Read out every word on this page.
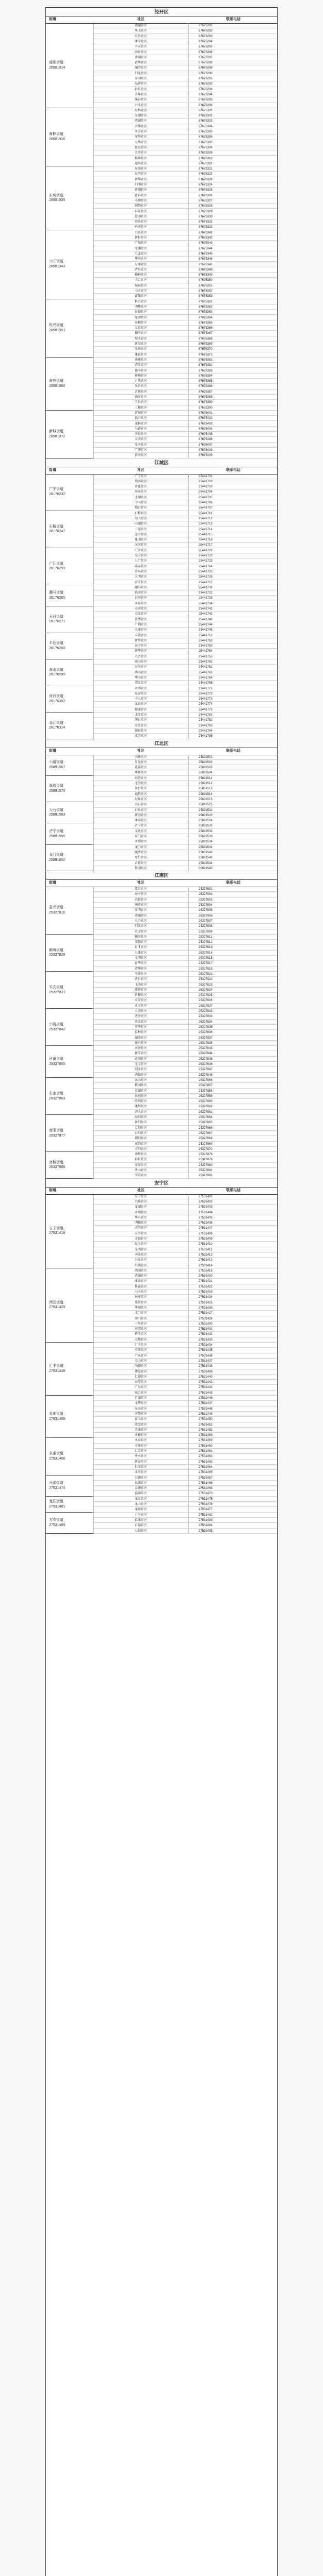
经开区
街道	社区	联系电话
迪湖街道
28501914
迪湖社区	87675281
凤飞社区	87675282
红岭社区	87675283
康安社区	87675284
平安社区	87675285
潜岳社区	87675286
南湖社区	87675287
黄华社区	87675288
湖滨社区	87675289
阳光社区	87675290
家园社区	87675291
晶菁社区	87675292
彩虹社区	87675293
青年社区	87675294
溪谷社区	87675295
兴业社区	87675296
海林街道
28501926
海林社区	87675301
东湖社区	87675302
西湖社区	87675303
大华社区	87675304
永安社区	87675305
安居社区	87675306
天华社区	87675307
富民社区	87675308
金沙社区	87675309
松峰社区	87675310
迎宾社区	87675311
东苑街道
28501935
东苑社区	87675321
海滨社区	87675322
景华社区	87675323
阳明社区	87675324
新湖社区	87675325
富春社区	87675326
丰源社区	87675327
锦绣社区	87675328
春江社区	87675329
慧园社区	87675330
宏达社区	87675331
岭南社区	87675332
兴旺街道
28501943
兴旺社区	87675341
新村社区	87675342
广福社区	87675343
文渊社区	87675344
九龙社区	87675345
华庭社区	87675346
安康社区	87675347
清泉社区	87675348
榆林社区	87675349
三合社区	87675350
城东社区	87675351
山水社区	87675352
富强社区	87675353
科兴街道
28501951
科兴社区	87675361
明珠社区	87675362
景德社区	87675363
绿洲社区	87675364
泰和社区	87675365
友谊社区	87675366
和平社区	87675367
璧水社区	87675368
新渠社区	87675369
东峰社区	87675370
建设社区	87675371
南苑街道
28501960
南苑社区	87675381
清江社区	87675382
德丰社区	87675383
祥和社区	87675384
万达社区	87675385
东升社区	87675386
古镇社区	87675387
锦江社区	87675388
玉泉社区	87675389
三和社区	87675390
新城街道
28501972
新城社区	87675401
福兴社区	87675402
茂林社区	87675403
马路社区	87675404
圣泉社区	87675405
大湾社区	87675406
安平社区	87675407
广源社区	87675408
长寿社区	87675409
江城区
街道	社区	联系电话
广宁街道
26176232
广宁社区	25441701
领南社区	25441702
荷花社区	25441703
河东社区	25441704
北湖社区	25441705
中山社区	25441706
炮台社区	25441707
石桥街道
26176247
石桥社区	25441711
韶关社区	25441712
山湖社区	25441713
三道社区	25441714
宝安社区	25441715
花园社区	25441716
汉河社区	25441717
广江街道
26176259
广江社区	25441721
安宁社区	25441722
五广社区	25441723
陆家社区	25441724
沙岛社区	25441725
大明社区	25441726
豪江社区	25441727
潮马街道
26176265
潮马社区	25441731
临湾社区	25441732
春海社区	25441733
永祥社区	25441734
天河街道
26176271
天河社区	25441741
天江社区	25441742
岳秀社区	25441743
广利社区	25441744
关康社区	25441745
丰达街道
26176288
丰达社区	25441751
新居社区	25441752
泰宁社区	25441753
新华社区	25441754
大古社区	25441755
南山街道
26176290
南山社区	25441761
奈河社区	25441762
西山社区	25441763
华山社区	25441764
望江社区	25441765
河西街道
26176302
河西社区	25441771
东安社区	25441772
中立社区	25441773
江春社区	25441774
健康社区	25441775
北江街道
26176314
北江社区	25441781
旭日社区	25441782
安江社区	25441783
源泉社区	25441784
江滨社区	25441785
江北区
街道	社区	联系电话
小路街道
25891567
小路社区	25891501
星光社区	25891502
礼嘉社区	25891503
华新社区	25891504
海边街道
25891570
海边社区	25891511
北滨社区	25891512
景台社区	25891513
诚信社区	25891514
海角社区	25891515
大石街道
25891583
大石社区	25891521
石岳社区	25891522
新港社区	25891523
康泰社区	25891524
济宁街道
25891596
济宁社区	25891531
文化社区	25891532
东门社区	25891533
永利社区	25891534
龙门街道
25891602
龙门社区	25891541
毓秀社区	25891542
宽仁社区	25891543
吉祥社区	25891544
梦园社区	25891545
江南区
街道	社区	联系电话
嘉兴街道
25327816
嘉兴社区	25327801
海宁社区	25327802
荔枝社区	25327803
南开社区	25327804
东明社区	25327805
南湖社区	25327806
大兴社区	25327807
阳光社区	25327808
贵安社区	25327809
颖川街道
25327829
颖川社区	25327811
安德社区	25327812
育才社区	25327813
五缘社区	25327814
文明社区	25327815
富华社区	25327817
清华社区	25327818
平安街道
25327831
平安社区	25327821
黄石社区	25327822
飞鸿社区	25327823
琦玲社区	25327824
政和社区	25327825
天安社区	25327826
永丰社区	25327827
小湾街道
25327842
小湾社区	25327832
达井社区	25327833
香江社区	25327834
荣华社区	25327835
长林社区	25327836
湖津社区	25327837
源兴社区	25327838
河南街道
25327855
河南社区	25327843
新安社区	25327844
涟漪社区	25327845
元宝社区	25327846
创业社区	25327847
鸿福社区	25327848
东山街道
25327863
东山社区	25327856
桃园社区	25327857
翠湖社区	25327858
景观社区	25327859
胜利社区	25327860
康居社区	25327861
清水社区	25327862
海阳街道
25327877
海阳社区	25327864
新阳社区	25327865
金阳社区	25327866
春阳社区	25327867
朝阳社区	25327868
东阳社区	25327869
丰阳社区	25327870
南桥街道
25327888
南桥社区	25327878
彩虹社区	25327879
安泰社区	25327880
秀山社区	25327881
学府社区	25327882
安宁区
街道	社区	联系电话
安宁街道
27531418
安宁社区	27531401
兴隆社区	27531402
龙湖社区	27531403
永顺社区	27531404
华兴社区	27531405
明德社区	27531406
河滨社区	27531407
天平社区	27531408
幸福社区	27531409
民主社区	27531410
光明社区	27531411
丰收社区	27531412
兴民社区	27531413
昌盛社区	27531414
西园街道
27531429
西园社区	27531419
清湖社区	27531420
康盛社区	27531421
桂花社区	27531422
山水社区	27531423
居安社区	27531424
乐居社区	27531425
华城社区	27531426
北门社区	27531427
南门社区	27531428
三里社区	27531430
河湾社区	27531431
桥头社区	27531432
大地社区	27531433
汇丰街道
27531445
汇丰社区	27531434
申安社区	27531435
广东社区	27531436
金山社区	27531437
尚德社区	27531438
博爱社区	27531439
仁德社区	27531440
海岸社区	27531441
广远社区	27531442
联合社区	27531443
青湖街道
27531458
青湖社区	27531446
文华社区	27531447
东海社区	27531448
宁静社区	27531449
富山社区	27531450
欣荣社区	27531451
美康社区	27531452
永和社区	27531453
永泰街道
27531466
永泰社区	27531459
丰泽社区	27531460
汇金社区	27531461
秀水社区	27531462
新泰社区	27531463
仁安社区	27531464
江岸社区	27531465
兴源街道
27531474
兴源社区	27531467
泉源社区	27531468
金源社区	27531469
福源社区	27531470
龙江街道
27531481
龙江社区	27531475
龙山社区	27531476
龙脉社区	27531477
万寿街道
27531489
万寿社区	27531482
长康社区	27531483
百福社区	27531484
五福社区	27531485
